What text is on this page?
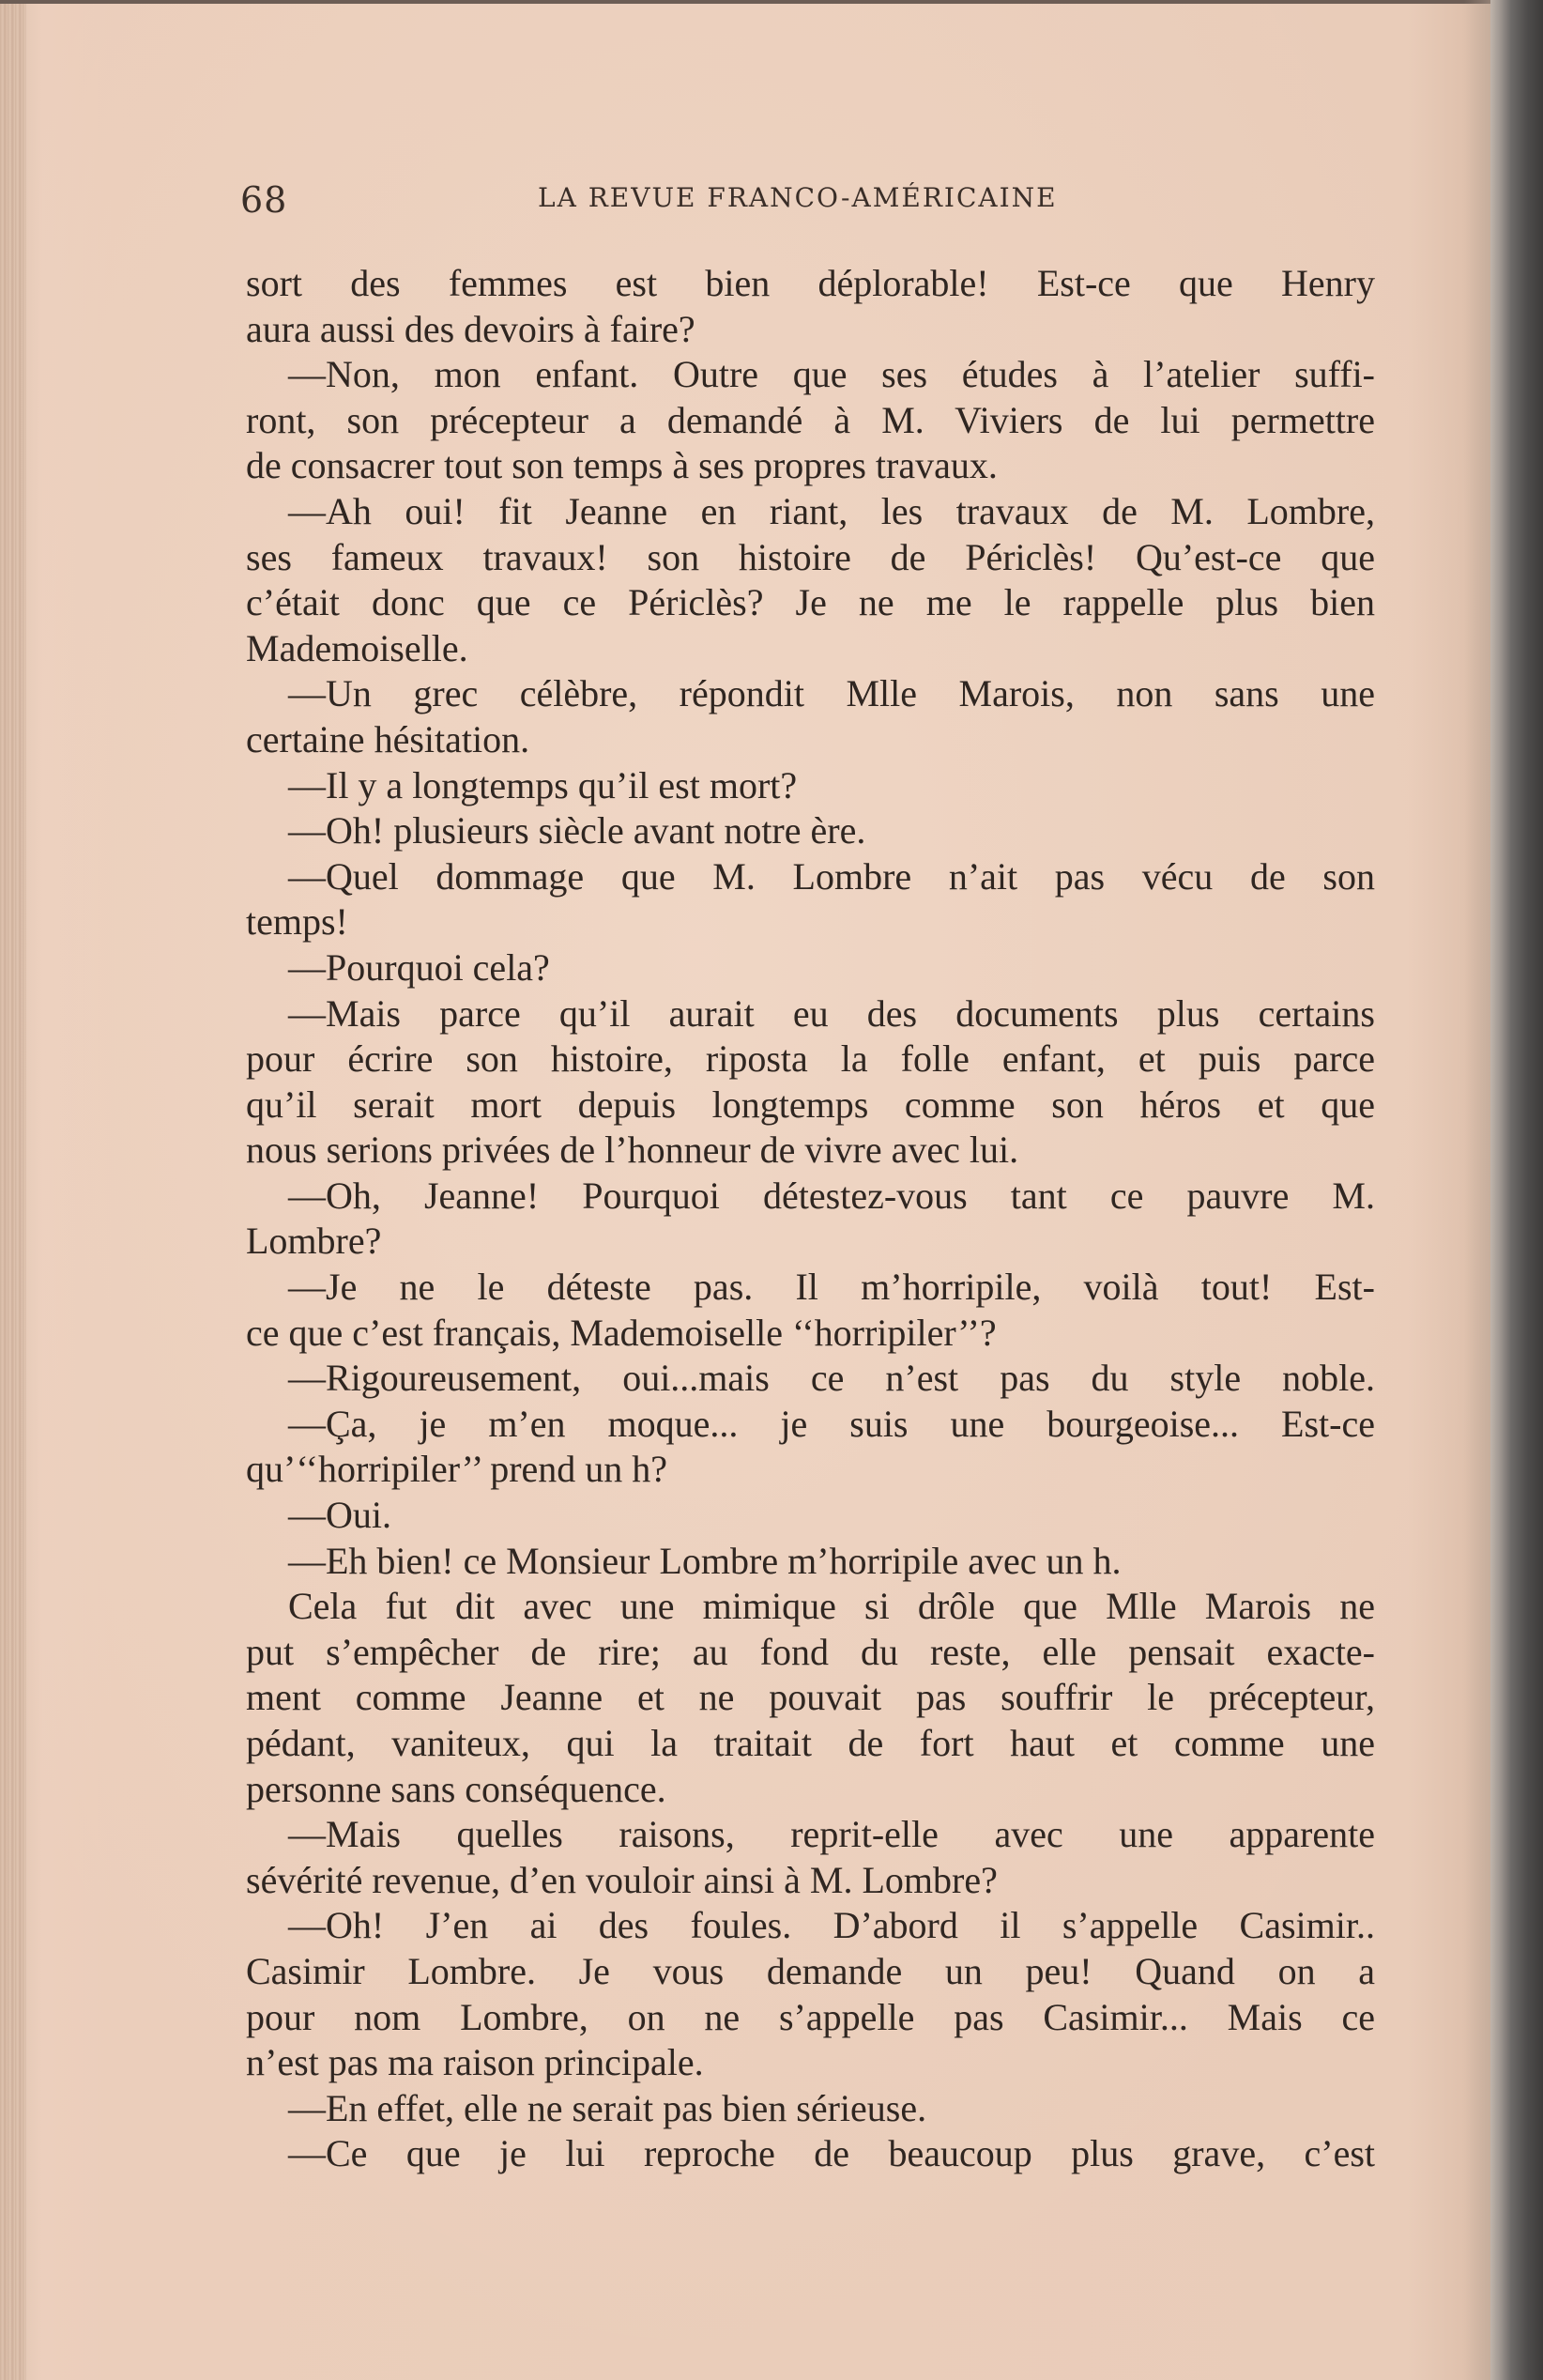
68	LA REVUE FRANCO-AMÉRICAINE
sort des femmes est bien déplorable! Est-ce que Henry
aura aussi des devoirs à faire?
—Non, mon enfant. Outre que ses études à l’atelier suffi-
ront, son précepteur a demandé à M. Viviers de lui permettre
de consacrer tout son temps à ses propres travaux.
—Ah oui! fit Jeanne en riant, les travaux de M. Lombre,
ses fameux travaux! son histoire de Périclès! Qu’est-ce que
c’était donc que ce Périclès? Je ne me le rappelle plus bien
Mademoiselle.
—Un grec célèbre, répondit Mlle Marois, non sans une
certaine hésitation.
—Il y a longtemps qu’il est mort?
—Oh! plusieurs siècle avant notre ère.
—Quel dommage que M. Lombre n’ait pas vécu de son
temps!
—Pourquoi cela?
—Mais parce qu’il aurait eu des documents plus certains
pour écrire son histoire, riposta la folle enfant, et puis parce
qu’il serait mort depuis longtemps comme son héros et que
nous serions privées de l’honneur de vivre avec lui.
—Oh, Jeanne! Pourquoi détestez-vous tant ce pauvre M.
Lombre?
—Je ne le déteste pas. Il m’horripile, voilà tout! Est-
ce que c’est français, Mademoiselle ‘‘horripiler’’?
—Rigoureusement, oui...mais ce n’est pas du style noble.
—Ça, je m’en moque... je suis une bourgeoise... Est-ce
qu’‘‘horripiler’’ prend un h?
—Oui.
—Eh bien! ce Monsieur Lombre m’horripile avec un h.
Cela fut dit avec une mimique si drôle que Mlle Marois ne
put s’empêcher de rire; au fond du reste, elle pensait exacte-
ment comme Jeanne et ne pouvait pas souffrir le précepteur,
pédant, vaniteux, qui la traitait de fort haut et comme une
personne sans conséquence.
—Mais quelles raisons, reprit-elle avec une apparente
sévérité revenue, d’en vouloir ainsi à M. Lombre?
—Oh! J’en ai des foules. D’abord il s’appelle Casimir..
Casimir Lombre. Je vous demande un peu! Quand on a
pour nom Lombre, on ne s’appelle pas Casimir... Mais ce
n’est pas ma raison principale.
—En effet, elle ne serait pas bien sérieuse.
—Ce que je lui reproche de beaucoup plus grave, c’est
